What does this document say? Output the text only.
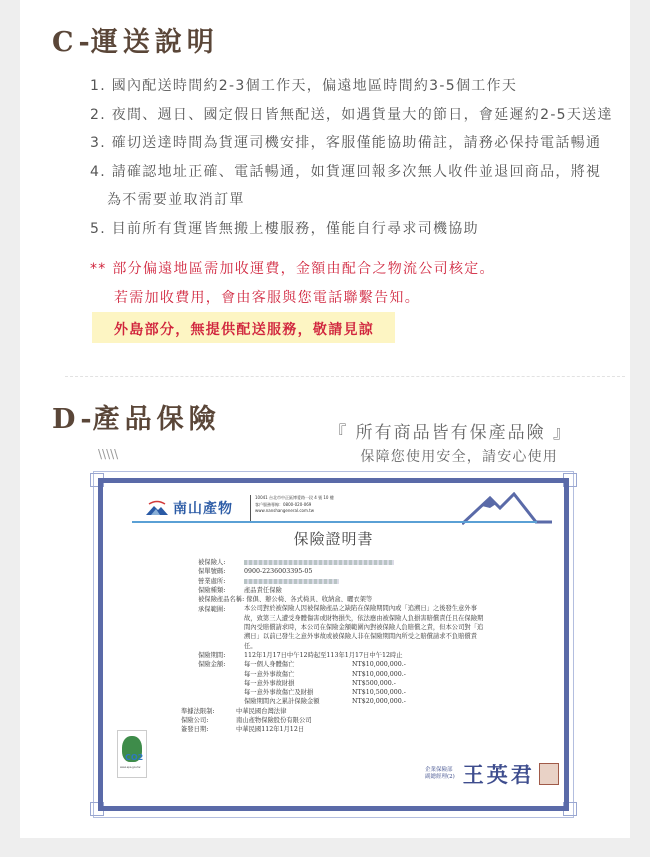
C-運送說明
1. 國內配送時間約2-3個工作天，偏遠地區時間約3-5個工作天
2. 夜間、週日、國定假日皆無配送，如遇貨量大的節日，會延遲約2-5天送達
3. 確切送達時間為貨運司機安排，客服僅能協助備註，請務必保持電話暢通
4. 請確認地址正確、電話暢通，如貨運回報多次無人收件並退回商品，將視
為不需要並取消訂單
5. 目前所有貨運皆無搬上樓服務，僅能自行尋求司機協助
** 部分偏遠地區需加收運費，金額由配合之物流公司核定。
若需加收費用，會由客服與您電話聯繫告知。
外島部分，無提供配送服務，敬請見諒
D-產品保險
\\\\\
『 所有商品皆有保產品險 』
保障您使用安全，請安心使用
南山產物
10041 台北市中正區博愛路一段 4 號 10 樓
客戶服務專線：0800-020-069
www.nanshangeneral.com.tw
保險證明書
被保險人:
保單號碼:	0900-2236003395-05
營業處所:
保險種類:	產品責任保險
被保險產品名稱:
傢俱、辦公椅、各式椅具、收納盒、曬衣架等
承保範圍:	本公司對於被保險人因被保險產品之缺陷在保險期間內或「追溯日」之後發生意外事故，致第三人遭受身體傷害或財物損失，依法應由被保險人負損害賠償責任且在保險期間內受賠償請求時，本公司在保險金額範圍內對被保險人負賠償之責，但本公司對「追溯日」以前已發生之意外事故或被保險人非在保險期間內所受之賠償請求不負賠償責任。
保險期間:	112年1月17日中午12時起至113年1月17日中午12時止
保險金額:	每一個人身體傷亡	NT$10,000,000.-
每一意外事故傷亡	NT$10,000,000.-
每一意外事故財損	NT$500,000.-
每一意外事故傷亡及財損	NT$10,500,000.-
保險期間內之累計保險金額	NT$20,000,000.-
準據法限制:	中華民國台灣法律
保險公司:	南山產物保險股份有限公司
簽發日期:	中華民國112年1月12日
CO2
www.epa.gov.tw	企業保險部
副總經理(2) 王英君
